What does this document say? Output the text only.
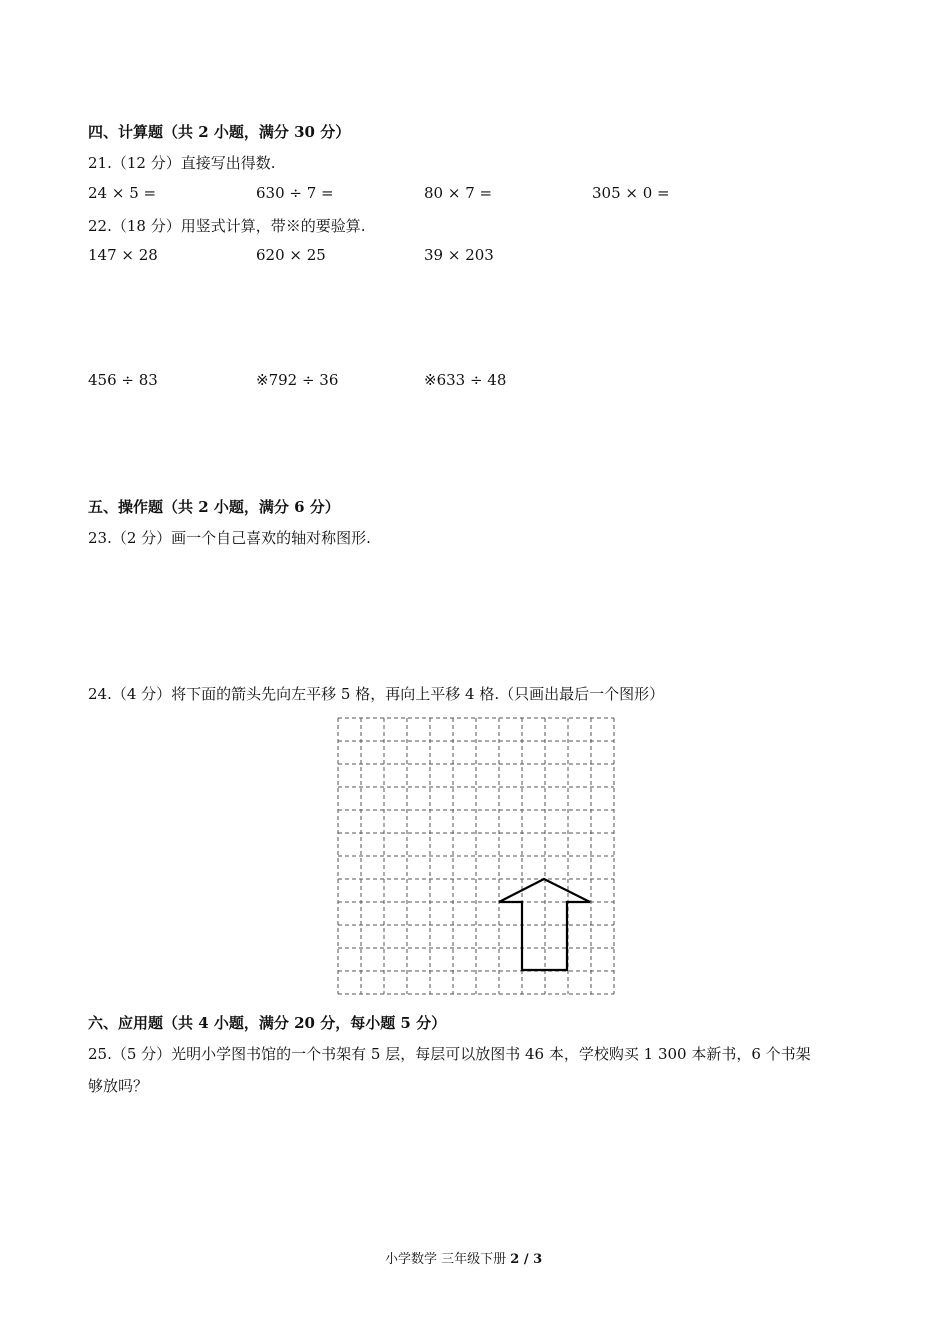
四、计算题（共 2 小题，满分 30 分）
21.（12 分）直接写出得数.
24 × 5 =	630 ÷ 7 =	80 × 7 =	305 × 0 =
22.（18 分）用竖式计算，带※的要验算.
147 × 28	620 × 25	39 × 203
456 ÷ 83	※792 ÷ 36	※633 ÷ 48
五、操作题（共 2 小题，满分 6 分）
23.（2 分）画一个自己喜欢的轴对称图形.
24.（4 分）将下面的箭头先向左平移 5 格，再向上平移 4 格.（只画出最后一个图形）
六、应用题（共 4 小题，满分 20 分，每小题 5 分）
25.（5 分）光明小学图书馆的一个书架有 5 层，每层可以放图书 46 本，学校购买 1 300 本新书，6 个书架
够放吗？
小学数学 三年级下册 2 / 3
